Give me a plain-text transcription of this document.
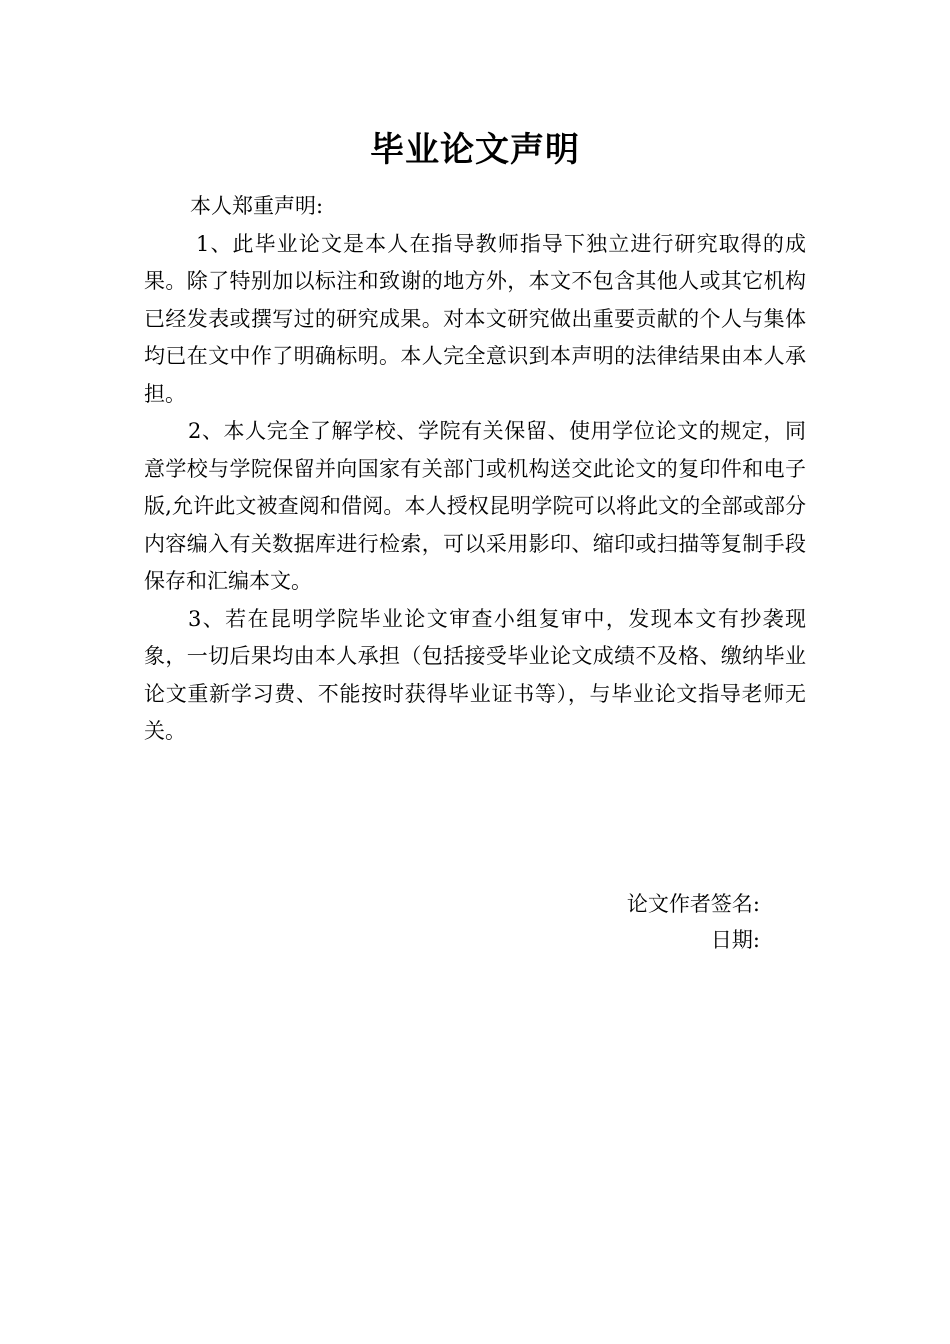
毕业论文声明

本人郑重声明:

1、此毕业论文是本人在指导教师指导下独立进行研究取得的成果。除了特别加以标注和致谢的地方外，本文不包含其他人或其它机构已经发表或撰写过的研究成果。对本文研究做出重要贡献的个人与集体均已在文中作了明确标明。本人完全意识到本声明的法律结果由本人承担。

2、本人完全了解学校、学院有关保留、使用学位论文的规定，同意学校与学院保留并向国家有关部门或机构送交此论文的复印件和电子版,允许此文被查阅和借阅。本人授权昆明学院可以将此文的全部或部分内容编入有关数据库进行检索，可以采用影印、缩印或扫描等复制手段保存和汇编本文。

3、若在昆明学院毕业论文审查小组复审中，发现本文有抄袭现象，一切后果均由本人承担（包括接受毕业论文成绩不及格、缴纳毕业论文重新学习费、不能按时获得毕业证书等），与毕业论文指导老师无关。

论文作者签名:
日期:
